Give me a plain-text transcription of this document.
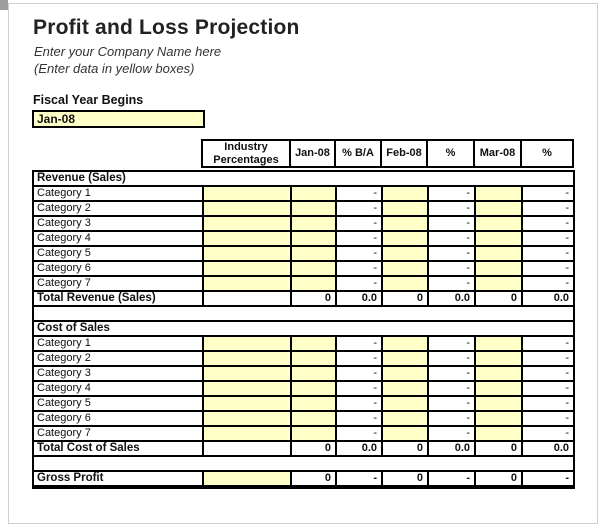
Profit and Loss Projection
Enter your Company Name here
(Enter data in yellow boxes)
Fiscal Year Begins
Jan-08
	Industry Percentages	Jan-08	% B/A	Feb-08	%	Mar-08	%
Revenue (Sales)							
Category 1			-		-		-
Category 2			-		-		-
Category 3			-		-		-
Category 4			-		-		-
Category 5			-		-		-
Category 6			-		-		-
Category 7			-		-		-
Total Revenue (Sales)		0	0.0	0	0.0	0	0.0

Cost of Sales							
Category 1			-		-		-
Category 2			-		-		-
Category 3			-		-		-
Category 4			-		-		-
Category 5			-		-		-
Category 6			-		-		-
Category 7			-		-		-
Total Cost of Sales		0	0.0	0	0.0	0	0.0

Gross Profit		0	-	0	-	0	-
